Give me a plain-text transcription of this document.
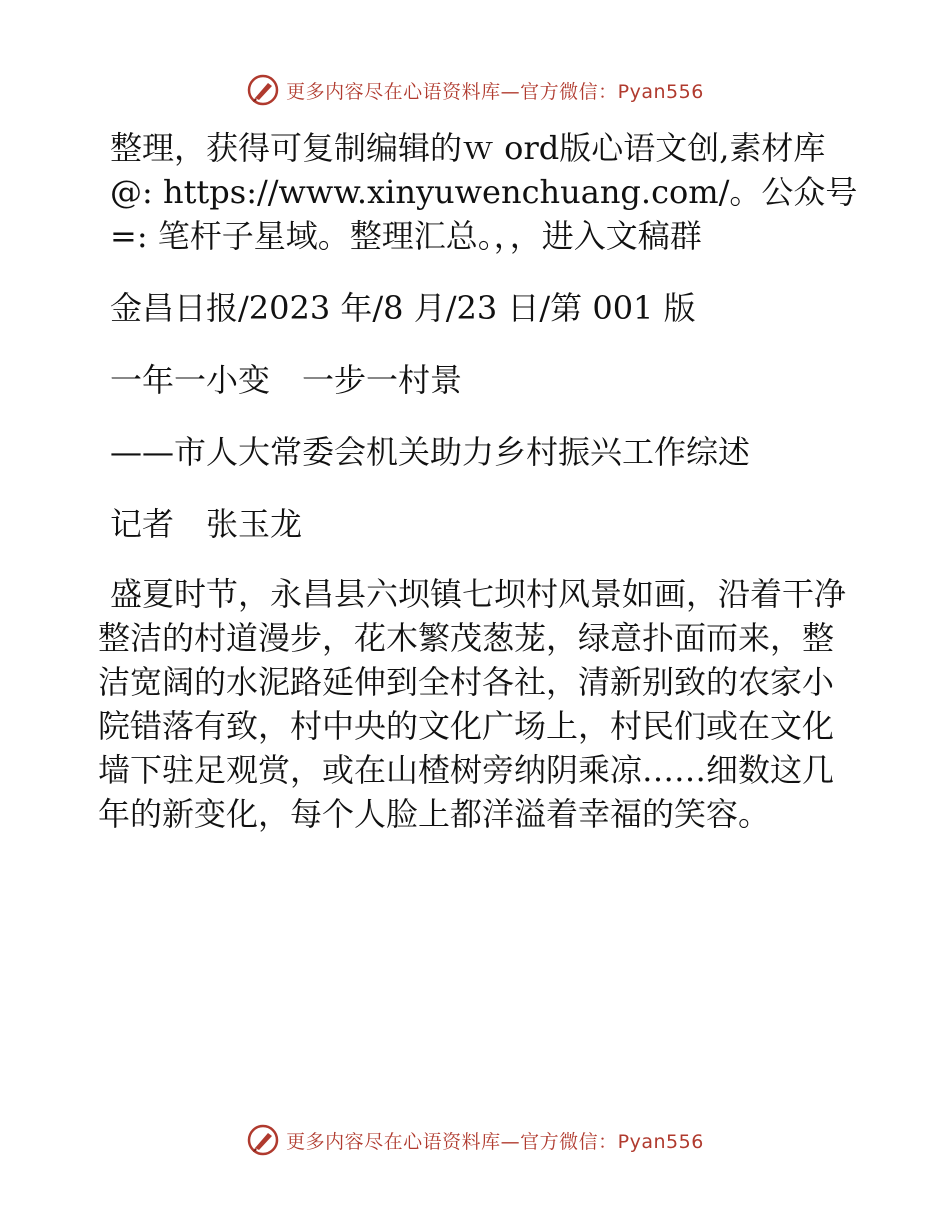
更多内容尽在心语资料库—官方微信：Pyan556

整理，获得可复制编辑的ｗ ord版心语文创,素材库@: https://www.xinyuwenchuang.com/。公众号=: 笔杆子星域。整理汇总。，，进入文稿群

金昌日报/2023 年/8 月/23 日/第 001 版

一年一小变　一步一村景

——市人大常委会机关助力乡村振兴工作综述

记者　张玉龙

盛夏时节，永昌县六坝镇七坝村风景如画，沿着干净整洁的村道漫步，花木繁茂葱茏，绿意扑面而来，整洁宽阔的水泥路延伸到全村各社，清新别致的农家小院错落有致，村中央的文化广场上，村民们或在文化墙下驻足观赏，或在山楂树旁纳阴乘凉……细数这几年的新变化，每个人脸上都洋溢着幸福的笑容。

更多内容尽在心语资料库—官方微信：Pyan556
